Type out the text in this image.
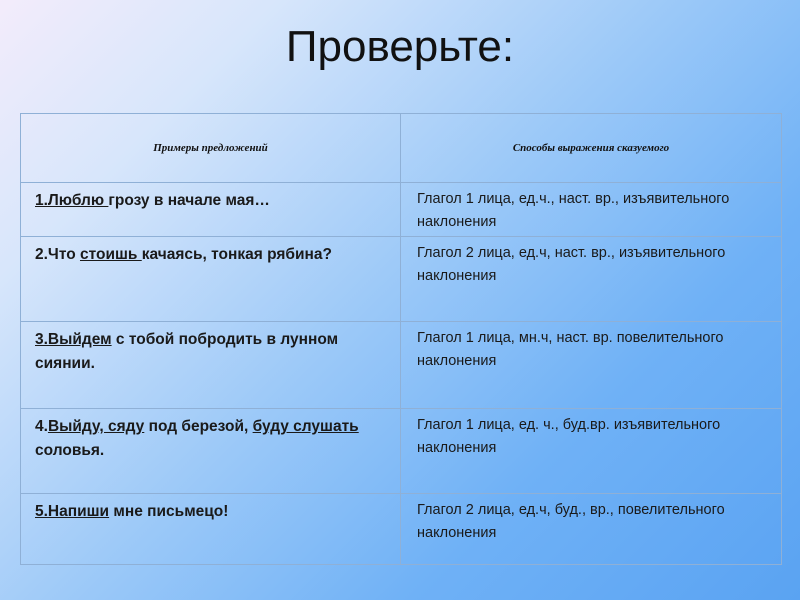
Проверьте:
Примеры предложений	Способы выражения сказуемого
1.Люблю грозу в начале мая…	Глагол 1 лица, ед.ч., наст. вр., изъявительного наклонения
2.Что стоишь качаясь, тонкая рябина?	Глагол 2 лица, ед.ч, наст. вр., изъявительного наклонения
3.Выйдем с тобой побродить в лунном сиянии.	Глагол 1 лица, мн.ч, наст. вр. повелительного наклонения
4.Выйду, сяду под березой, буду слушать соловья.	Глагол 1 лица, ед. ч., буд.вр. изъявительного наклонения
5.Напиши мне письмецо!	Глагол 2 лица, ед.ч, буд., вр., повелительного наклонения
